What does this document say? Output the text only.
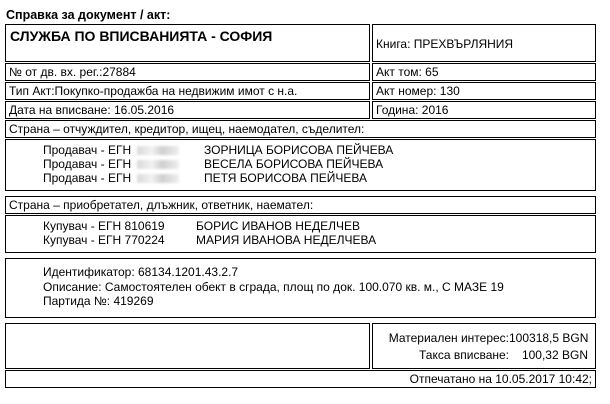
Справка за документ / акт:
СЛУЖБА ПО ВПИСВАНИЯТА - СОФИЯ	Книга: ПРЕХВЪРЛЯНИЯ
№ от дв. вх. рег.:27884	Акт том: 65
Тип Акт:Покупко-продажба на недвижим имот с н.а.	Акт номер: 130
Дата на вписване: 16.05.2016	Година: 2016
Страна – отчуждител, кредитор, ищец, наемодател, съделител:
Продавач - ЕГН	ЗОРНИЦА БОРИСОВА ПЕЙЧЕВА
Продавач - ЕГН	ВЕСЕЛА БОРИСОВА ПЕЙЧЕВА
Продавач - ЕГН	ПЕТЯ БОРИСОВА ПЕЙЧЕВА
Страна – приобретател, длъжник, ответник, наемател:
Купувач - ЕГН 810619	БОРИС ИВАНОВ НЕДЕЛЧЕВ
Купувач - ЕГН 770224	МАРИЯ ИВАНОВА НЕДЕЛЧЕВА
Идентификатор: 68134.1201.43.2.7
Описание: Самостоятелен обект в сграда, площ по док. 100.070 кв. м., С МАЗЕ 19
Партида №: 419269
Материален интерес: 100318,5 BGN
Такса вписване:	100,32 BGN
Отпечатано на 10.05.2017 10:42;
